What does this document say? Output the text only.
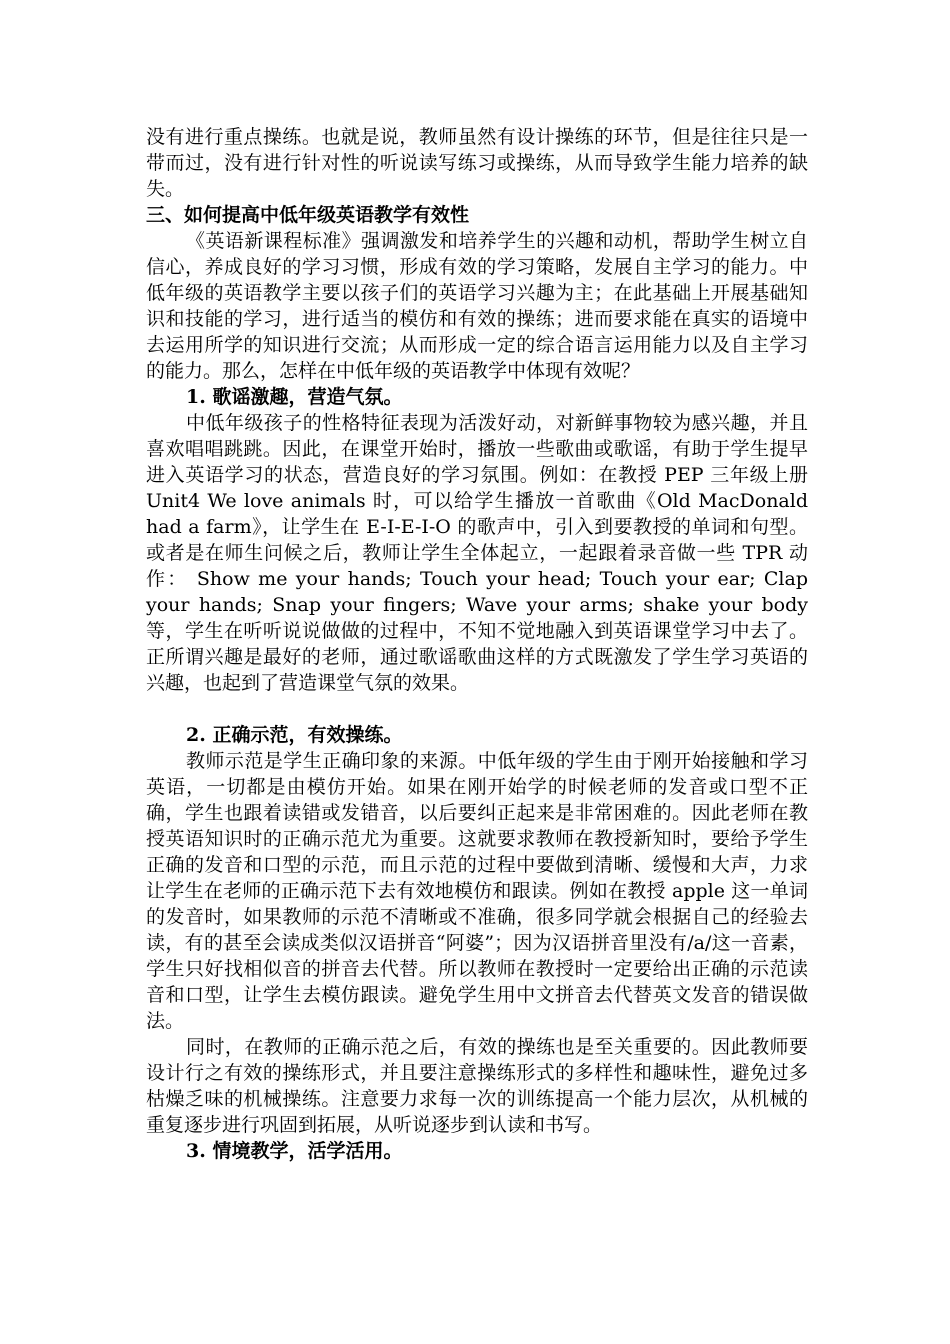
没有进行重点操练。也就是说，教师虽然有设计操练的环节，但是往往只是一带而过，没有进行针对性的听说读写练习或操练，从而导致学生能力培养的缺失。

三、如何提高中低年级英语教学有效性

《英语新课程标准》强调激发和培养学生的兴趣和动机，帮助学生树立自信心，养成良好的学习习惯，形成有效的学习策略，发展自主学习的能力。中低年级的英语教学主要以孩子们的英语学习兴趣为主；在此基础上开展基础知识和技能的学习，进行适当的模仿和有效的操练；进而要求能在真实的语境中去运用所学的知识进行交流；从而形成一定的综合语言运用能力以及自主学习的能力。那么，怎样在中低年级的英语教学中体现有效呢？

1. 歌谣激趣，营造气氛。

中低年级孩子的性格特征表现为活泼好动，对新鲜事物较为感兴趣，并且喜欢唱唱跳跳。因此，在课堂开始时，播放一些歌曲或歌谣，有助于学生提早进入英语学习的状态，营造良好的学习氛围。例如：在教授 PEP 三年级上册 Unit4 We love animals 时，可以给学生播放一首歌曲《Old MacDonald had a farm》，让学生在 E-I-E-I-O 的歌声中，引入到要教授的单词和句型。或者是在师生问候之后，教师让学生全体起立，一起跟着录音做一些 TPR 动作： Show me your hands; Touch your head; Touch your ear; Clap your hands; Snap your fingers; Wave your arms; shake your body 等，学生在听听说说做做的过程中，不知不觉地融入到英语课堂学习中去了。正所谓兴趣是最好的老师，通过歌谣歌曲这样的方式既激发了学生学习英语的兴趣，也起到了营造课堂气氛的效果。

2. 正确示范，有效操练。

教师示范是学生正确印象的来源。中低年级的学生由于刚开始接触和学习英语，一切都是由模仿开始。如果在刚开始学的时候老师的发音或口型不正确，学生也跟着读错或发错音，以后要纠正起来是非常困难的。因此老师在教授英语知识时的正确示范尤为重要。这就要求教师在教授新知时，要给予学生正确的发音和口型的示范，而且示范的过程中要做到清晰、缓慢和大声，力求让学生在老师的正确示范下去有效地模仿和跟读。例如在教授 apple 这一单词的发音时，如果教师的示范不清晰或不准确，很多同学就会根据自己的经验去读，有的甚至会读成类似汉语拼音“阿婆”；因为汉语拼音里没有/a/这一音素，学生只好找相似音的拼音去代替。所以教师在教授时一定要给出正确的示范读音和口型，让学生去模仿跟读。避免学生用中文拼音去代替英文发音的错误做法。

同时，在教师的正确示范之后，有效的操练也是至关重要的。因此教师要设计行之有效的操练形式，并且要注意操练形式的多样性和趣味性，避免过多枯燥乏味的机械操练。注意要力求每一次的训练提高一个能力层次，从机械的重复逐步进行巩固到拓展，从听说逐步到认读和书写。

3. 情境教学，活学活用。
